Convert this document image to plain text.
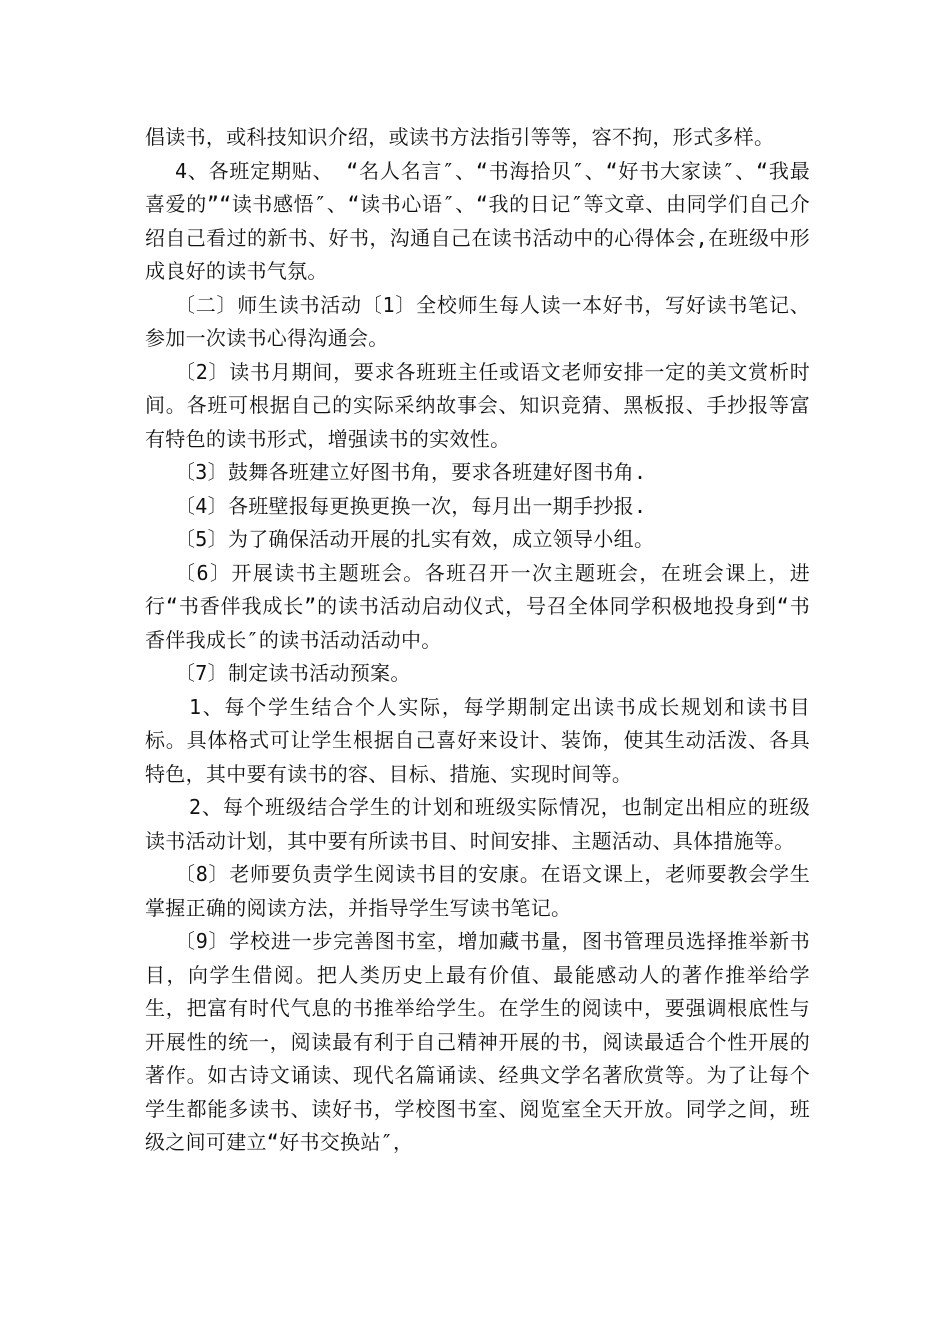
倡读书，或科技知识介绍，或读书方法指引等等，容不拘，形式多样。

4、各班定期贴、 “名人名言″、“书海拾贝″、“好书大家读″、“我最喜爱的”“读书感悟″、“读书心语″、“我的日记″等文章、由同学们自己介绍自己看过的新书、好书，沟通自己在读书活动中的心得体会,在班级中形成良好的读书气氛。

〔二〕师生读书活动〔1〕全校师生每人读一本好书，写好读书笔记、参加一次读书心得沟通会。

〔2〕读书月期间，要求各班班主任或语文老师安排一定的美文赏析时间。各班可根据自己的实际采纳故事会、知识竞猜、黑板报、手抄报等富有特色的读书形式，增强读书的实效性。

〔3〕鼓舞各班建立好图书角，要求各班建好图书角.

〔4〕各班壁报每更换更换一次，每月出一期手抄报.

〔5〕为了确保活动开展的扎实有效，成立领导小组。

〔6〕开展读书主题班会。各班召开一次主题班会，在班会课上，进行“书香伴我成长”的读书活动启动仪式，号召全体同学积极地投身到“书香伴我成长″的读书活动活动中。

〔7〕制定读书活动预案。

1、每个学生结合个人实际，每学期制定出读书成长规划和读书目标。具体格式可让学生根据自己喜好来设计、装饰，使其生动活泼、各具特色，其中要有读书的容、目标、措施、实现时间等。

2、每个班级结合学生的计划和班级实际情况，也制定出相应的班级读书活动计划，其中要有所读书目、时间安排、主题活动、具体措施等。

〔8〕老师要负责学生阅读书目的安康。在语文课上，老师要教会学生掌握正确的阅读方法，并指导学生写读书笔记。

〔9〕学校进一步完善图书室，增加藏书量，图书管理员选择推举新书目，向学生借阅。把人类历史上最有价值、最能感动人的著作推举给学生，把富有时代气息的书推举给学生。在学生的阅读中，要强调根底性与开展性的统一，阅读最有利于自己精神开展的书，阅读最适合个性开展的著作。如古诗文诵读、现代名篇诵读、经典文学名著欣赏等。为了让每个学生都能多读书、读好书，学校图书室、阅览室全天开放。同学之间，班级之间可建立“好书交换站″，
